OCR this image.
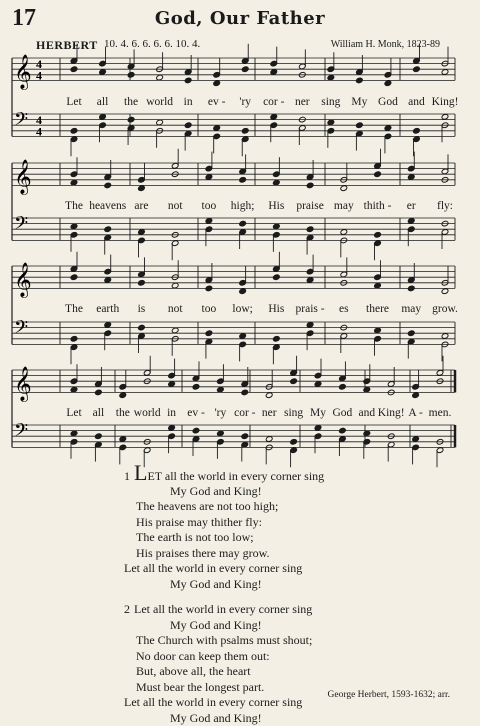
17	God, Our Father
HERBERT 10. 4. 6. 6. 6. 6. 10. 4.	William H. Monk, 1823-89
𝄞 4
4
𝄢 4
4
𝄞
𝄢
𝄞
𝄢
𝄞
𝄢
Let all the world in ev - 'ry cor - ner sing My God and King!
The heavens are not too high; His praise may thith - er fly:
The earth is not too low; His prais - es there may grow.
Let all the world in ev - 'ry cor - ner sing My God and King! A - men.
1LET all the world in every corner sing
My God and King!
The heavens are not too high;
His praise may thither fly:
The earth is not too low;
His praises there may grow.
Let all the world in every corner sing
My God and King!
2Let all the world in every corner sing
My God and King!
The Church with psalms must shout;
No door can keep them out:
But, above all, the heart
Must bear the longest part.
Let all the world in every corner sing
My God and King!
George Herbert, 1593-1632; arr.
